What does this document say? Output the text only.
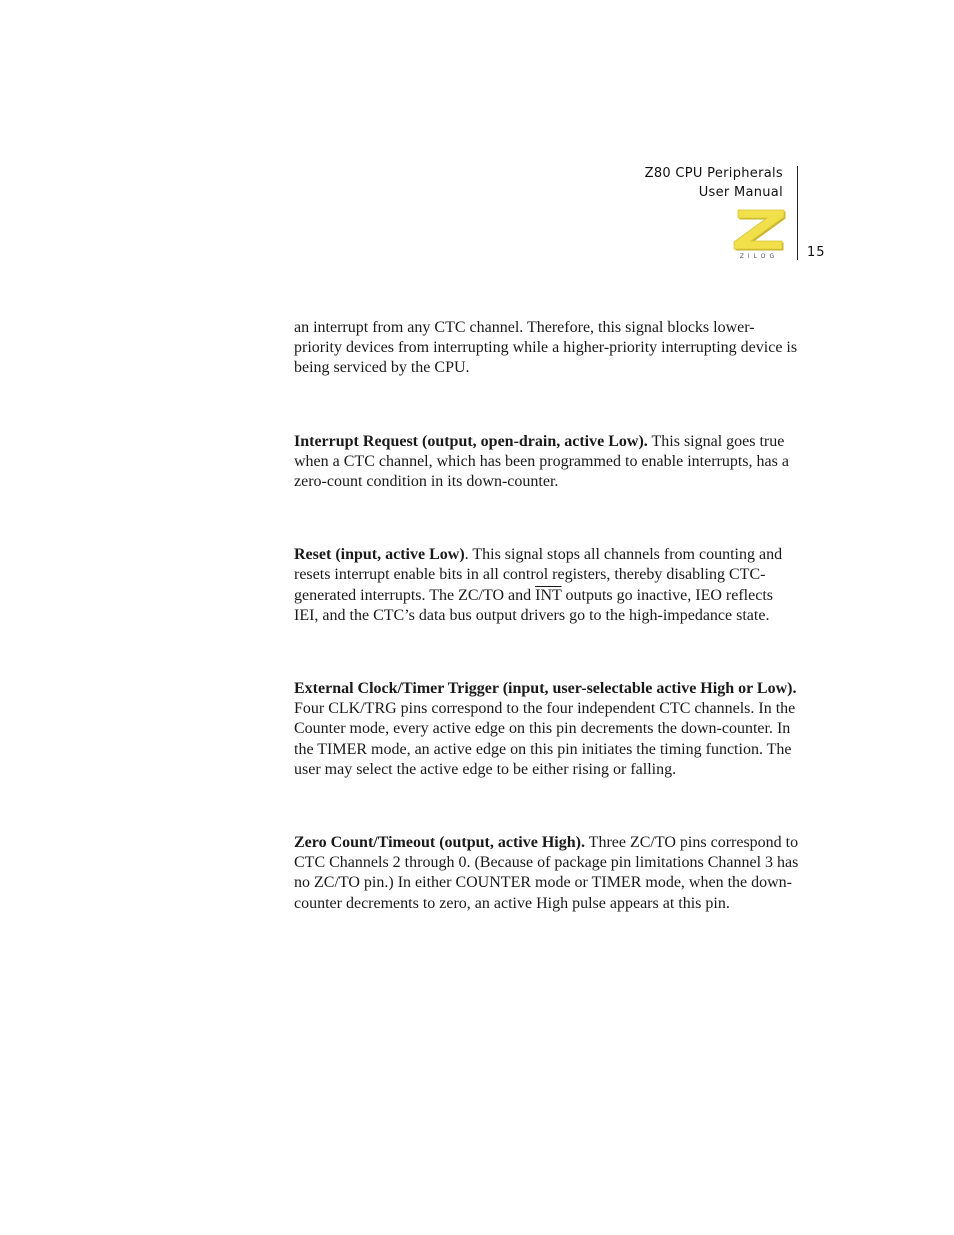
Z80 CPU Peripherals
User Manual
ZILOG	15

an interrupt from any CTC channel. Therefore, this signal blocks lower-priority devices from interrupting while a higher-priority interrupting device is being serviced by the CPU.

Interrupt Request (output, open-drain, active Low). This signal goes true when a CTC channel, which has been programmed to enable interrupts, has a zero-count condition in its down-counter.

Reset (input, active Low). This signal stops all channels from counting and resets interrupt enable bits in all control registers, thereby disabling CTC-generated interrupts. The ZC/TO and $\overline{INT}$ outputs go inactive, IEO reflects IEI, and the CTC’s data bus output drivers go to the high-impedance state.

External Clock/Timer Trigger (input, user-selectable active High or Low). Four CLK/TRG pins correspond to the four independent CTC channels. In the Counter mode, every active edge on this pin decrements the down-counter. In the TIMER mode, an active edge on this pin initiates the timing function. The user may select the active edge to be either rising or falling.

Zero Count/Timeout (output, active High). Three ZC/TO pins correspond to CTC Channels 2 through 0. (Because of package pin limitations Channel 3 has no ZC/TO pin.) In either COUNTER mode or TIMER mode, when the down-counter decrements to zero, an active High pulse appears at this pin.
